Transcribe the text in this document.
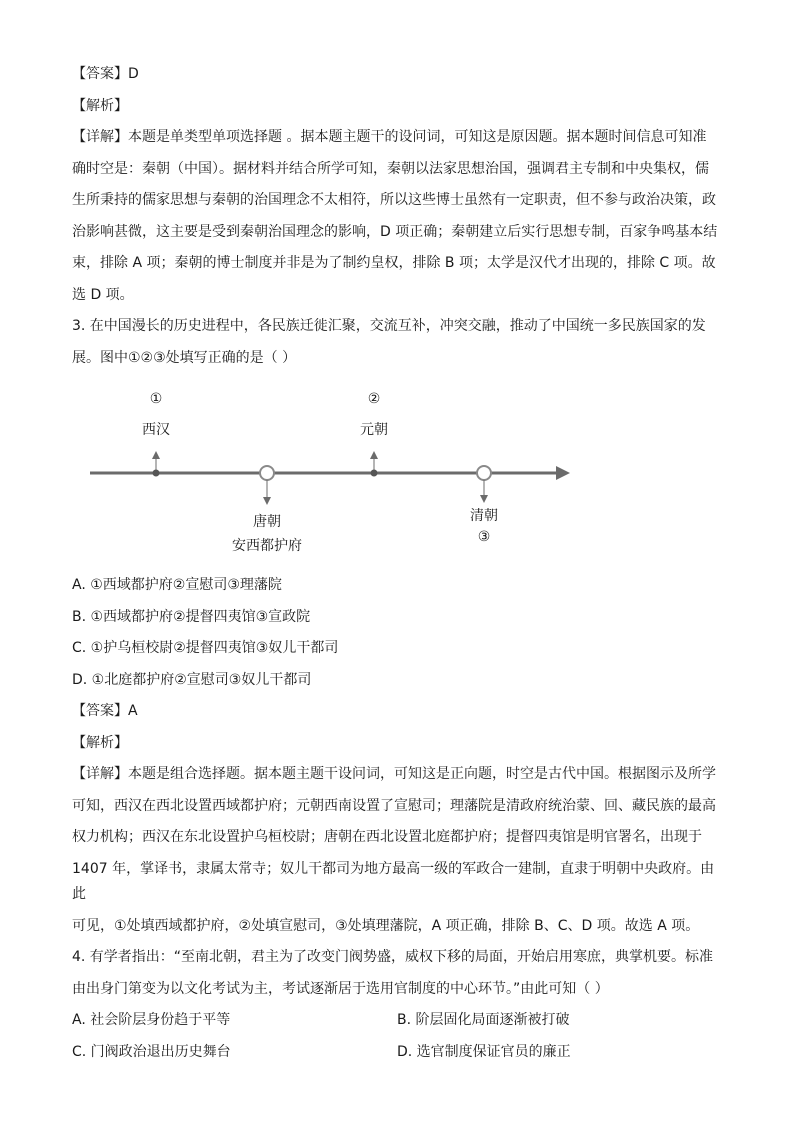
【答案】D

【解析】

【详解】本题是单类型单项选择题 。据本题主题干的设问词，可知这是原因题。据本题时间信息可知准

确时空是：秦朝（中国）。据材料并结合所学可知，秦朝以法家思想治国，强调君主专制和中央集权，儒

生所秉持的儒家思想与秦朝的治国理念不太相符，所以这些博士虽然有一定职责，但不参与政治决策，政

治影响甚微，这主要是受到秦朝治国理念的影响，D 项正确；秦朝建立后实行思想专制，百家争鸣基本结

束，排除 A 项；秦朝的博士制度并非是为了制约皇权，排除 B 项；太学是汉代才出现的，排除 C 项。故

选 D 项。

3. 在中国漫长的历史进程中，各民族迁徙汇聚，交流互补，冲突交融，推动了中国统一多民族国家的发

展。图中①②③处填写正确的是（ ）

①
西汉
②
元朝
唐朝
安西都护府
清朝
③

A. ①西域都护府②宣慰司③理藩院

B. ①西域都护府②提督四夷馆③宣政院

C. ①护乌桓校尉②提督四夷馆③奴儿干都司

D. ①北庭都护府②宣慰司③奴儿干都司

【答案】A

【解析】

【详解】本题是组合选择题。据本题主题干设问词，可知这是正向题，时空是古代中国。根据图示及所学

可知，西汉在西北设置西域都护府；元朝西南设置了宣慰司；理藩院是清政府统治蒙、回、藏民族的最高

权力机构；西汉在东北设置护乌桓校尉；唐朝在西北设置北庭都护府；提督四夷馆是明官署名，出现于

1407 年，掌译书，隶属太常寺；奴儿干都司为地方最高一级的军政合一建制，直隶于明朝中央政府。由此

可见，①处填西域都护府，②处填宣慰司，③处填理藩院，A 项正确，排除 B、C、D 项。故选 A 项。

4. 有学者指出：“至南北朝，君主为了改变门阀势盛，威权下移的局面，开始启用寒庶，典掌机要。标准

由出身门第变为以文化考试为主，考试逐渐居于选用官制度的中心环节。”由此可知（ ）

A. 社会阶层身份趋于平等	B. 阶层固化局面逐渐被打破
C. 门阀政治退出历史舞台	D. 选官制度保证官员的廉正
